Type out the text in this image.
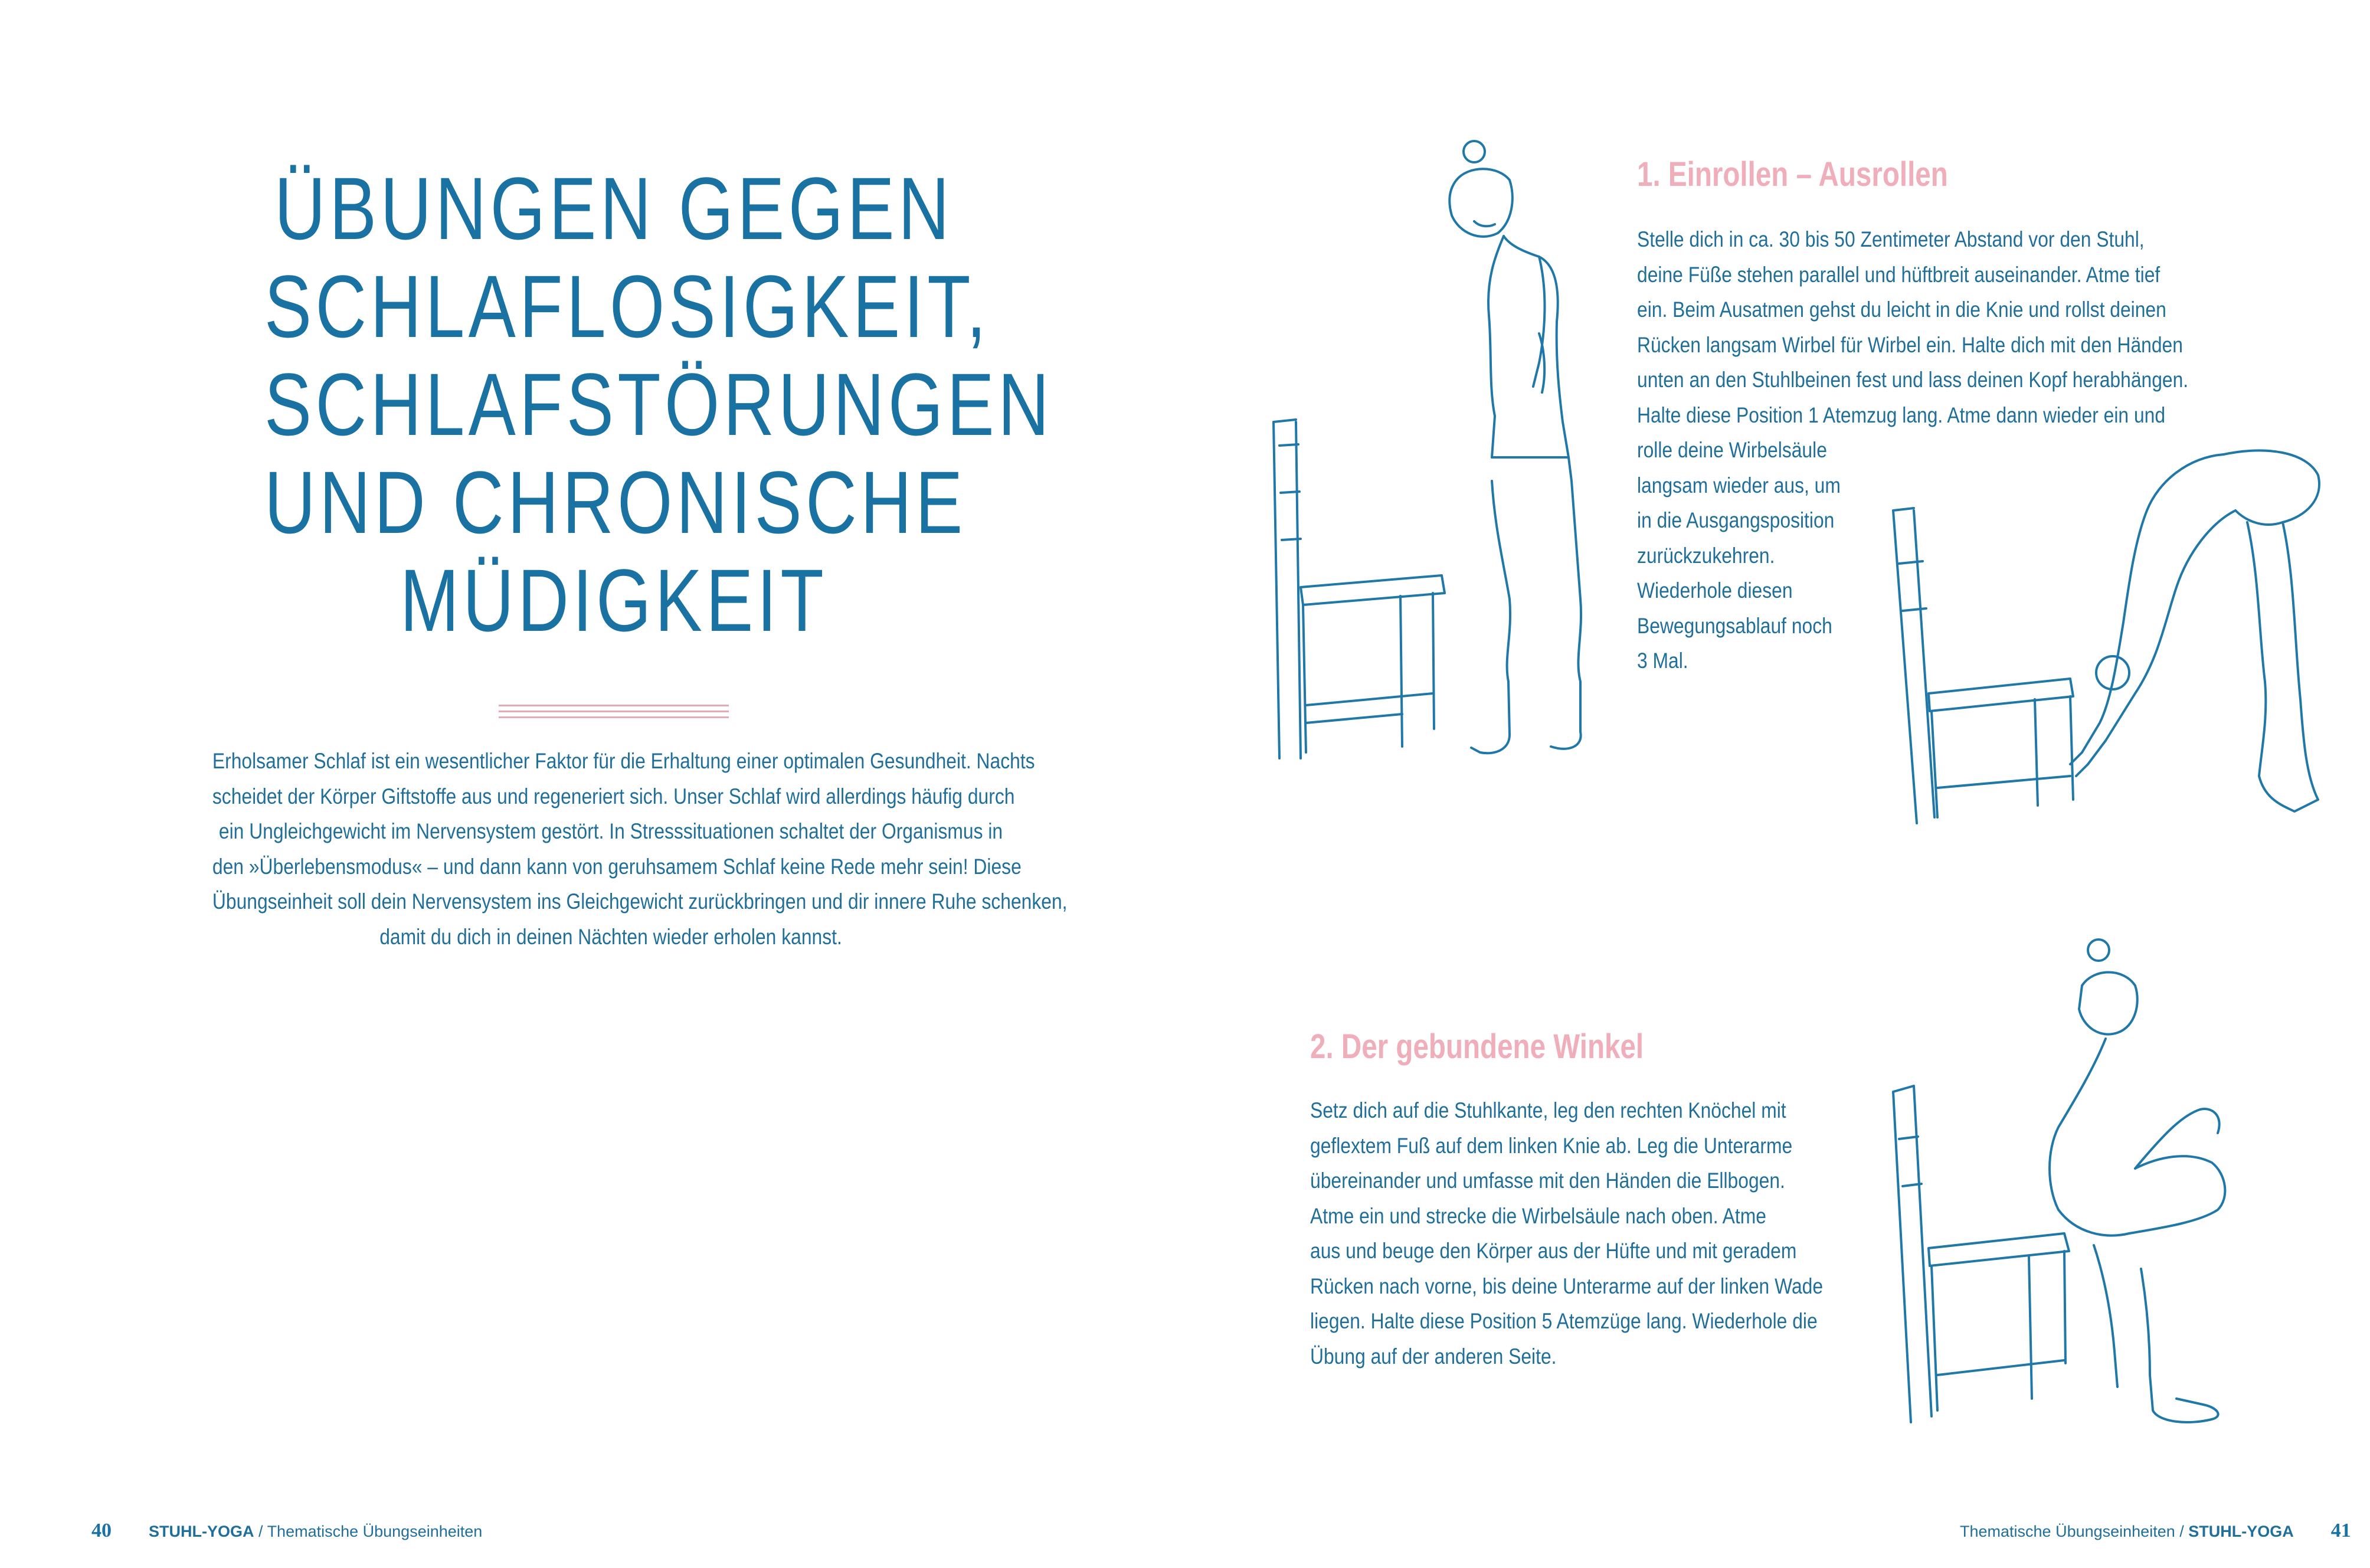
ÜBUNGEN GEGEN
SCHLAFLOSIGKEIT,
SCHLAFSTÖRUNGEN
UND CHRONISCHE
MÜDIGKEIT
Erholsamer Schlaf ist ein wesentlicher Faktor für die Erhaltung einer optimalen Gesundheit. Nachts
scheidet der Körper Giftstoffe aus und regeneriert sich. Unser Schlaf wird allerdings häufig durch
ein Ungleichgewicht im Nervensystem gestört. In Stresssituationen schaltet der Organismus in
den »Überlebensmodus« – und dann kann von geruhsamem Schlaf keine Rede mehr sein! Diese
Übungseinheit soll dein Nervensystem ins Gleichgewicht zurückbringen und dir innere Ruhe schenken,
damit du dich in deinen Nächten wieder erholen kannst.
40 STUHL-YOGA / Thematische Übungseinheiten
1. Einrollen – Ausrollen
Stelle dich in ca. 30 bis 50 Zentimeter Abstand vor den Stuhl,
deine Füße stehen parallel und hüftbreit auseinander. Atme tief
ein. Beim Ausatmen gehst du leicht in die Knie und rollst deinen
Rücken langsam Wirbel für Wirbel ein. Halte dich mit den Händen
unten an den Stuhlbeinen fest und lass deinen Kopf herabhängen.
Halte diese Position 1 Atemzug lang. Atme dann wieder ein und
rolle deine Wirbelsäule
langsam wieder aus, um
in die Ausgangsposition
zurückzukehren.
Wiederhole diesen
Bewegungsablauf noch
3 Mal.
2. Der gebundene Winkel
Setz dich auf die Stuhlkante, leg den rechten Knöchel mit
geflextem Fuß auf dem linken Knie ab. Leg die Unterarme
übereinander und umfasse mit den Händen die Ellbogen.
Atme ein und strecke die Wirbelsäule nach oben. Atme
aus und beuge den Körper aus der Hüfte und mit geradem
Rücken nach vorne, bis deine Unterarme auf der linken Wade
liegen. Halte diese Position 5 Atemzüge lang. Wiederhole die
Übung auf der anderen Seite.
Thematische Übungseinheiten / STUHL-YOGA 41
